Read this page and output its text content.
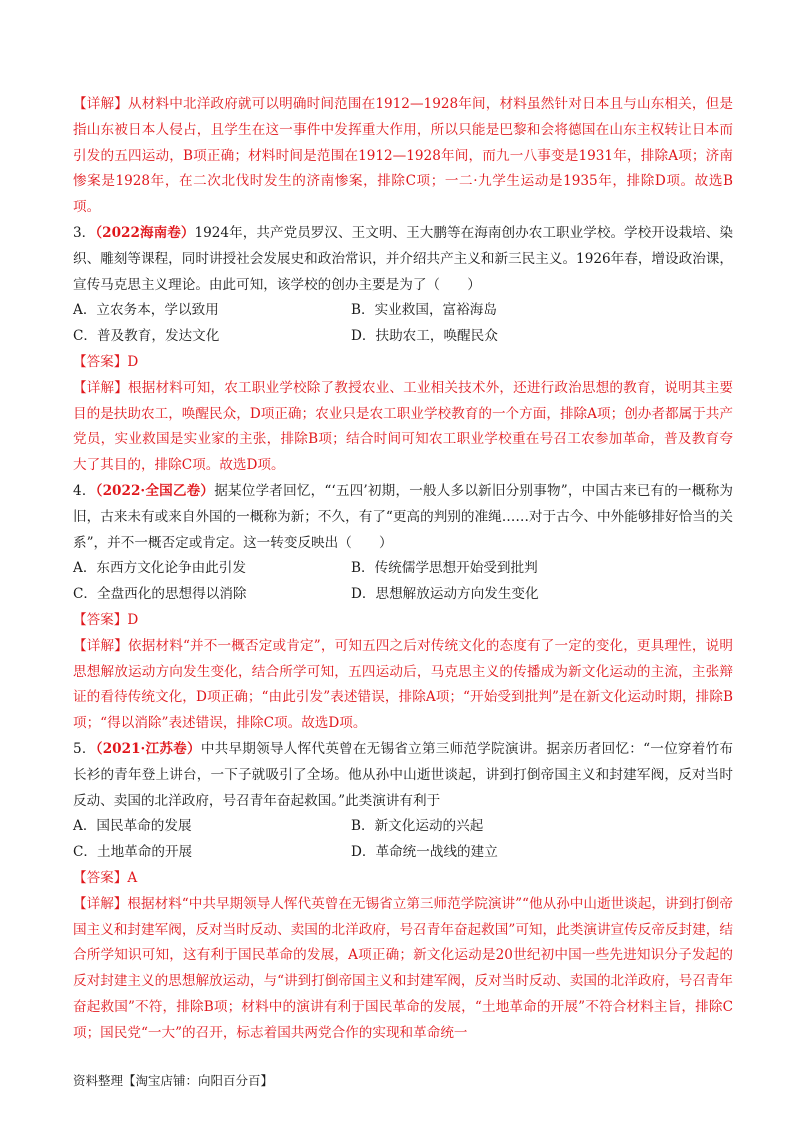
【详解】从材料中北洋政府就可以明确时间范围在1912—1928年间，材料虽然针对日本且与山东相关，但是指山东被日本人侵占，且学生在这一事件中发挥重大作用，所以只能是巴黎和会将德国在山东主权转让日本而引发的五四运动，B项正确；材料时间是范围在1912—1928年间，而九一八事变是1931年，排除A项；济南惨案是1928年，在二次北伐时发生的济南惨案，排除C项；一二·九学生运动是1935年，排除D项。故选B项。

3．（2022海南卷）1924年，共产党员罗汉、王文明、王大鹏等在海南创办农工职业学校。学校开设栽培、染织、雕刻等课程，同时讲授社会发展史和政治常识，并介绍共产主义和新三民主义。1926年春，增设政治课，宣传马克思主义理论。由此可知，该学校的创办主要是为了（　　）

A．立农务本，学以致用	B．实业救国，富裕海岛
C．普及教育，发达文化	D．扶助农工，唤醒民众

【答案】D

【详解】根据材料可知，农工职业学校除了教授农业、工业相关技术外，还进行政治思想的教育，说明其主要目的是扶助农工，唤醒民众，D项正确；农业只是农工职业学校教育的一个方面，排除A项；创办者都属于共产党员，实业救国是实业家的主张，排除B项；结合时间可知农工职业学校重在号召工农参加革命，普及教育夸大了其目的，排除C项。故选D项。

4．（2022·全国乙卷）据某位学者回忆，“‘五四’初期，一般人多以新旧分别事物”，中国古来已有的一概称为旧，古来未有或来自外国的一概称为新；不久，有了“更高的判别的准绳……对于古今、中外能够排好恰当的关系”，并不一概否定或肯定。这一转变反映出（　　）

A．东西方文化论争由此引发	B．传统儒学思想开始受到批判
C．全盘西化的思想得以消除	D．思想解放运动方向发生变化

【答案】D

【详解】依据材料“并不一概否定或肯定”，可知五四之后对传统文化的态度有了一定的变化，更具理性，说明思想解放运动方向发生变化，结合所学可知，五四运动后，马克思主义的传播成为新文化运动的主流，主张辩证的看待传统文化，D项正确；“由此引发”表述错误，排除A项；“开始受到批判”是在新文化运动时期，排除B项；“得以消除”表述错误，排除C项。故选D项。

5．（2021·江苏卷）中共早期领导人恽代英曾在无锡省立第三师范学院演讲。据亲历者回忆：“一位穿着竹布长衫的青年登上讲台，一下子就吸引了全场。他从孙中山逝世谈起，讲到打倒帝国主义和封建军阀，反对当时反动、卖国的北洋政府，号召青年奋起救国。”此类演讲有利于

A．国民革命的发展	B．新文化运动的兴起
C．土地革命的开展	D．革命统一战线的建立

【答案】A

【详解】根据材料“中共早期领导人恽代英曾在无锡省立第三师范学院演讲”“他从孙中山逝世谈起，讲到打倒帝国主义和封建军阀，反对当时反动、卖国的北洋政府，号召青年奋起救国”可知，此类演讲宣传反帝反封建，结合所学知识可知，这有利于国民革命的发展，A项正确；新文化运动是20世纪初中国一些先进知识分子发起的反对封建主义的思想解放运动，与“讲到打倒帝国主义和封建军阀，反对当时反动、卖国的北洋政府，号召青年奋起救国”不符，排除B项；材料中的演讲有利于国民革命的发展，“土地革命的开展”不符合材料主旨，排除C项；国民党“一大”的召开，标志着国共两党合作的实现和革命统一

资料整理【淘宝店铺：向阳百分百】
